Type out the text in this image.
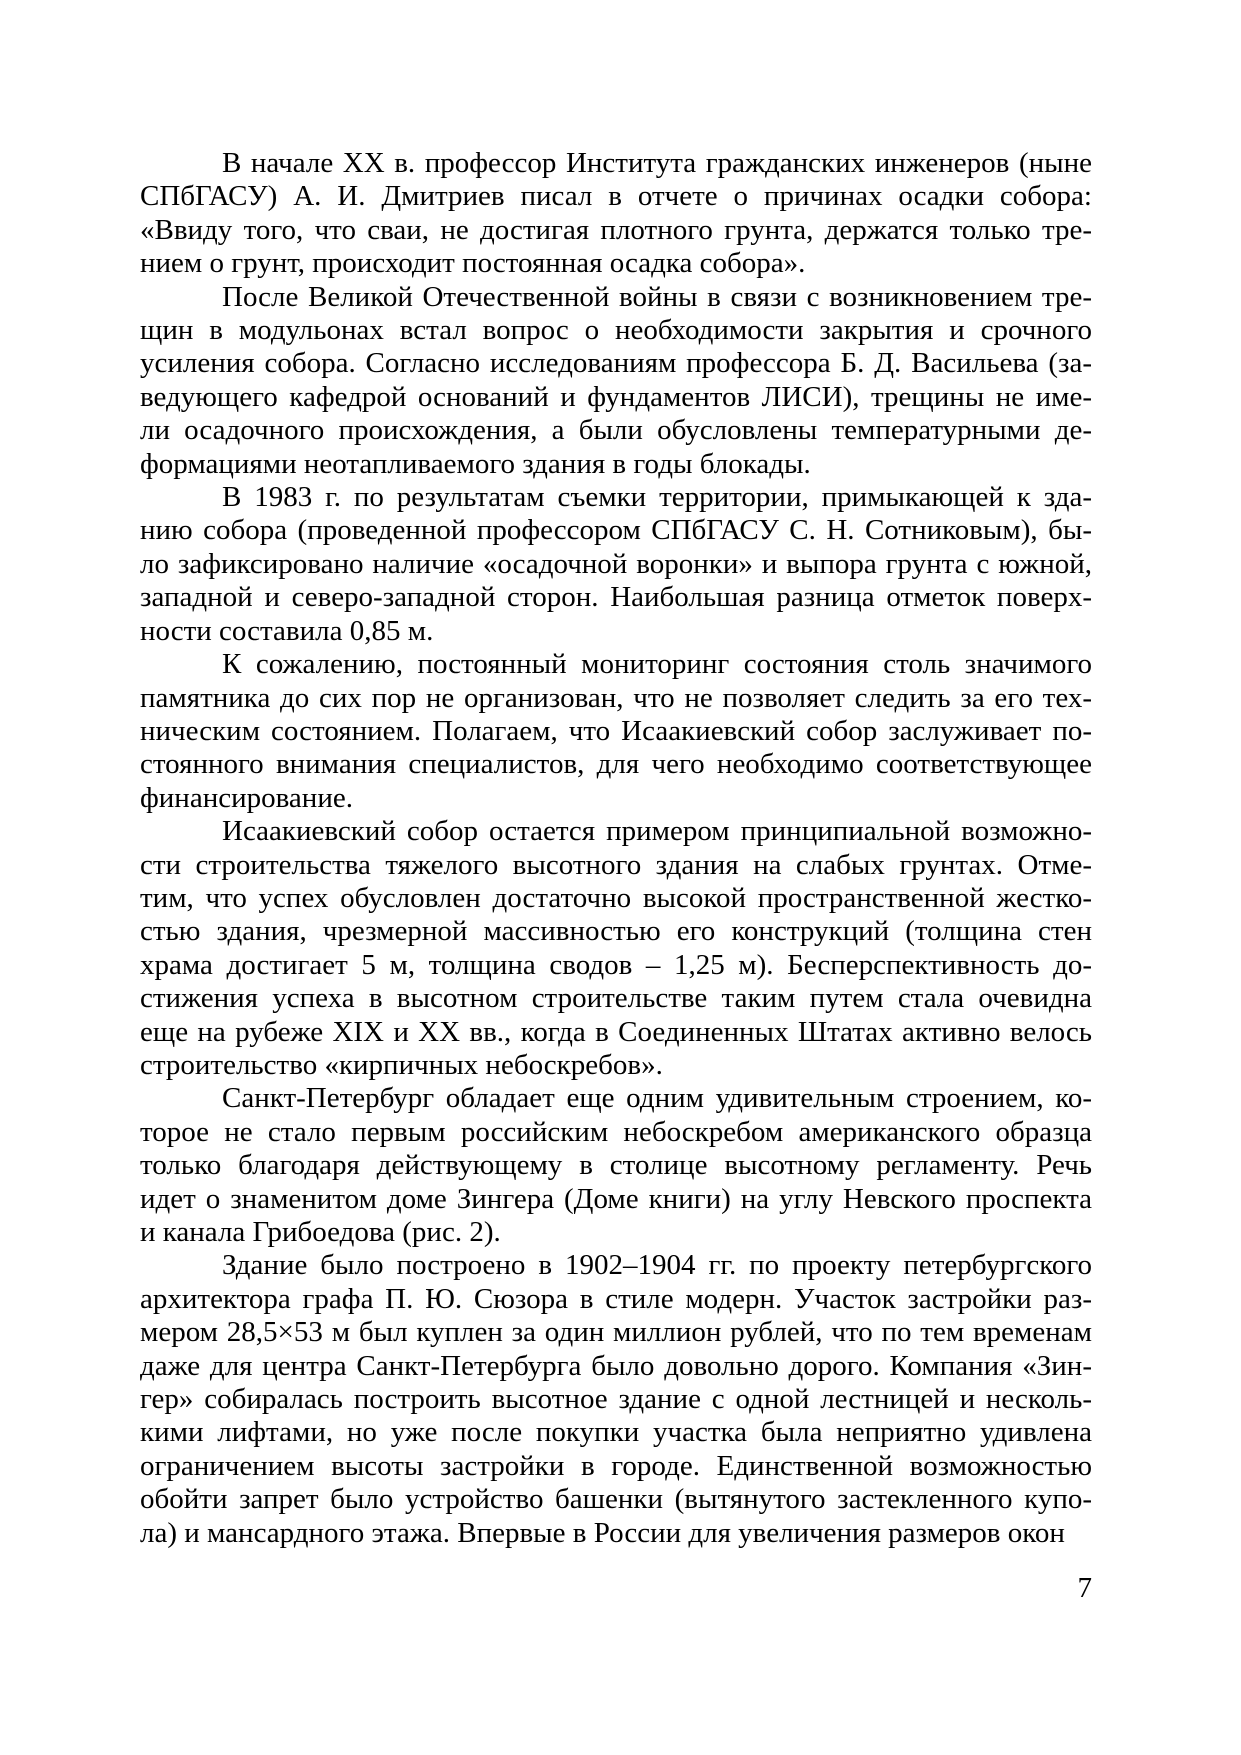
В начале XX в. профессор Института гражданских инженеров (ныне
СПбГАСУ) А. И. Дмитриев писал в отчете о причинах осадки собора:
«Ввиду того, что сваи, не достигая плотного грунта, держатся только тре-
нием о грунт, происходит постоянная осадка собора».
После Великой Отечественной войны в связи с возникновением тре-
щин в модульонах встал вопрос о необходимости закрытия и срочного
усиления собора. Согласно исследованиям профессора Б. Д. Васильева (за-
ведующего кафедрой оснований и фундаментов ЛИСИ), трещины не име-
ли осадочного происхождения, а были обусловлены температурными де-
формациями неотапливаемого здания в годы блокады.
В 1983 г. по результатам съемки территории, примыкающей к зда-
нию собора (проведенной профессором СПбГАСУ С. Н. Сотниковым), бы-
ло зафиксировано наличие «осадочной воронки» и выпора грунта с южной,
западной и северо-западной сторон. Наибольшая разница отметок поверх-
ности составила 0,85 м.
К сожалению, постоянный мониторинг состояния столь значимого
памятника до сих пор не организован, что не позволяет следить за его тех-
ническим состоянием. Полагаем, что Исаакиевский собор заслуживает по-
стоянного внимания специалистов, для чего необходимо соответствующее
финансирование.
Исаакиевский собор остается примером принципиальной возможно-
сти строительства тяжелого высотного здания на слабых грунтах. Отме-
тим, что успех обусловлен достаточно высокой пространственной жестко-
стью здания, чрезмерной массивностью его конструкций (толщина стен
храма достигает 5 м, толщина сводов – 1,25 м). Бесперспективность до-
стижения успеха в высотном строительстве таким путем стала очевидна
еще на рубеже XIX и XX вв., когда в Соединенных Штатах активно велось
строительство «кирпичных небоскребов».
Санкт-Петербург обладает еще одним удивительным строением, ко-
торое не стало первым российским небоскребом американского образца
только благодаря действующему в столице высотному регламенту. Речь
идет о знаменитом доме Зингера (Доме книги) на углу Невского проспекта
и канала Грибоедова (рис. 2).
Здание было построено в 1902–1904 гг. по проекту петербургского
архитектора графа П. Ю. Сюзора в стиле модерн. Участок застройки раз-
мером 28,5×53 м был куплен за один миллион рублей, что по тем временам
даже для центра Санкт-Петербурга было довольно дорого. Компания «Зин-
гер» собиралась построить высотное здание с одной лестницей и несколь-
кими лифтами, но уже после покупки участка была неприятно удивлена
ограничением высоты застройки в городе. Единственной возможностью
обойти запрет было устройство башенки (вытянутого застекленного купо-
ла) и мансардного этажа. Впервые в России для увеличения размеров окон
7
